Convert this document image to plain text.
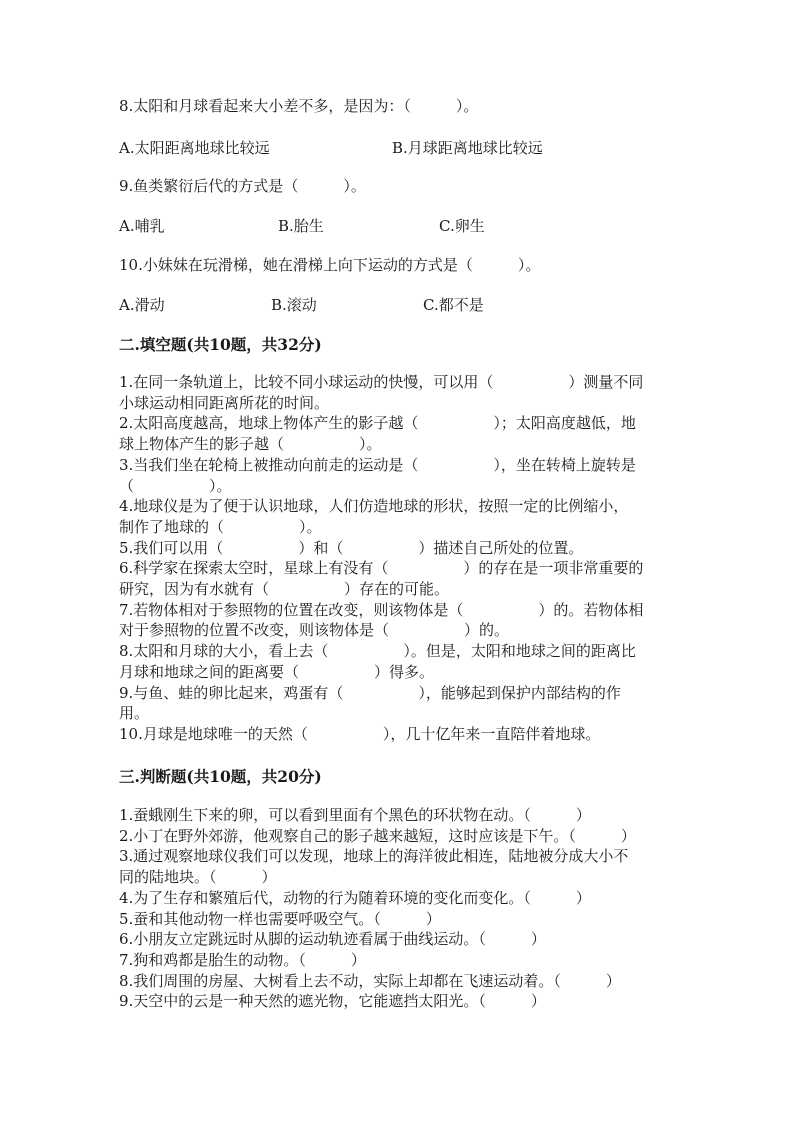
8.太阳和月球看起来大小差不多，是因为：（　　　）。
A.太阳距离地球比较远	B.月球距离地球比较远
9.鱼类繁衍后代的方式是（　　　）。
A.哺乳	B.胎生	C.卵生
10.小妹妹在玩滑梯，她在滑梯上向下运动的方式是（　　　）。
A.滑动	B.滚动	C.都不是
二.填空题(共10题，共32分)
1.在同一条轨道上，比较不同小球运动的快慢，可以用（　　　　　）测量不同
小球运动相同距离所花的时间。
2.太阳高度越高，地球上物体产生的影子越（　　　　　）；太阳高度越低，地
球上物体产生的影子越（　　　　　）。
3.当我们坐在轮椅上被推动向前走的运动是（　　　　　），坐在转椅上旋转是
（　　　　　）。
4.地球仪是为了便于认识地球，人们仿造地球的形状，按照一定的比例缩小，
制作了地球的（　　　　　）。
5.我们可以用（　　　　　）和（　　　　　）描述自己所处的位置。
6.科学家在探索太空时，星球上有没有（　　　　　）的存在是一项非常重要的
研究，因为有水就有（　　　　　）存在的可能。
7.若物体相对于参照物的位置在改变，则该物体是（　　　　　）的。若物体相
对于参照物的位置不改变，则该物体是（　　　　　）的。
8.太阳和月球的大小，看上去（　　　　　）。但是，太阳和地球之间的距离比
月球和地球之间的距离要（　　　　　）得多。
9.与鱼、蛙的卵比起来，鸡蛋有（　　　　　），能够起到保护内部结构的作
用。
10.月球是地球唯一的天然（　　　　　），几十亿年来一直陪伴着地球。
三.判断题(共10题，共20分)
1.蚕蛾刚生下来的卵，可以看到里面有个黑色的环状物在动。（　　　）
2.小丁在野外郊游，他观察自己的影子越来越短，这时应该是下午。（　　　）
3.通过观察地球仪我们可以发现，地球上的海洋彼此相连，陆地被分成大小不
同的陆地块。（　　　）
4.为了生存和繁殖后代，动物的行为随着环境的变化而变化。（　　　）
5.蚕和其他动物一样也需要呼吸空气。（　　　）
6.小朋友立定跳远时从脚的运动轨迹看属于曲线运动。（　　　）
7.狗和鸡都是胎生的动物。（　　　）
8.我们周围的房屋、大树看上去不动，实际上却都在飞速运动着。（　　　）
9.天空中的云是一种天然的遮光物，它能遮挡太阳光。（　　　）
